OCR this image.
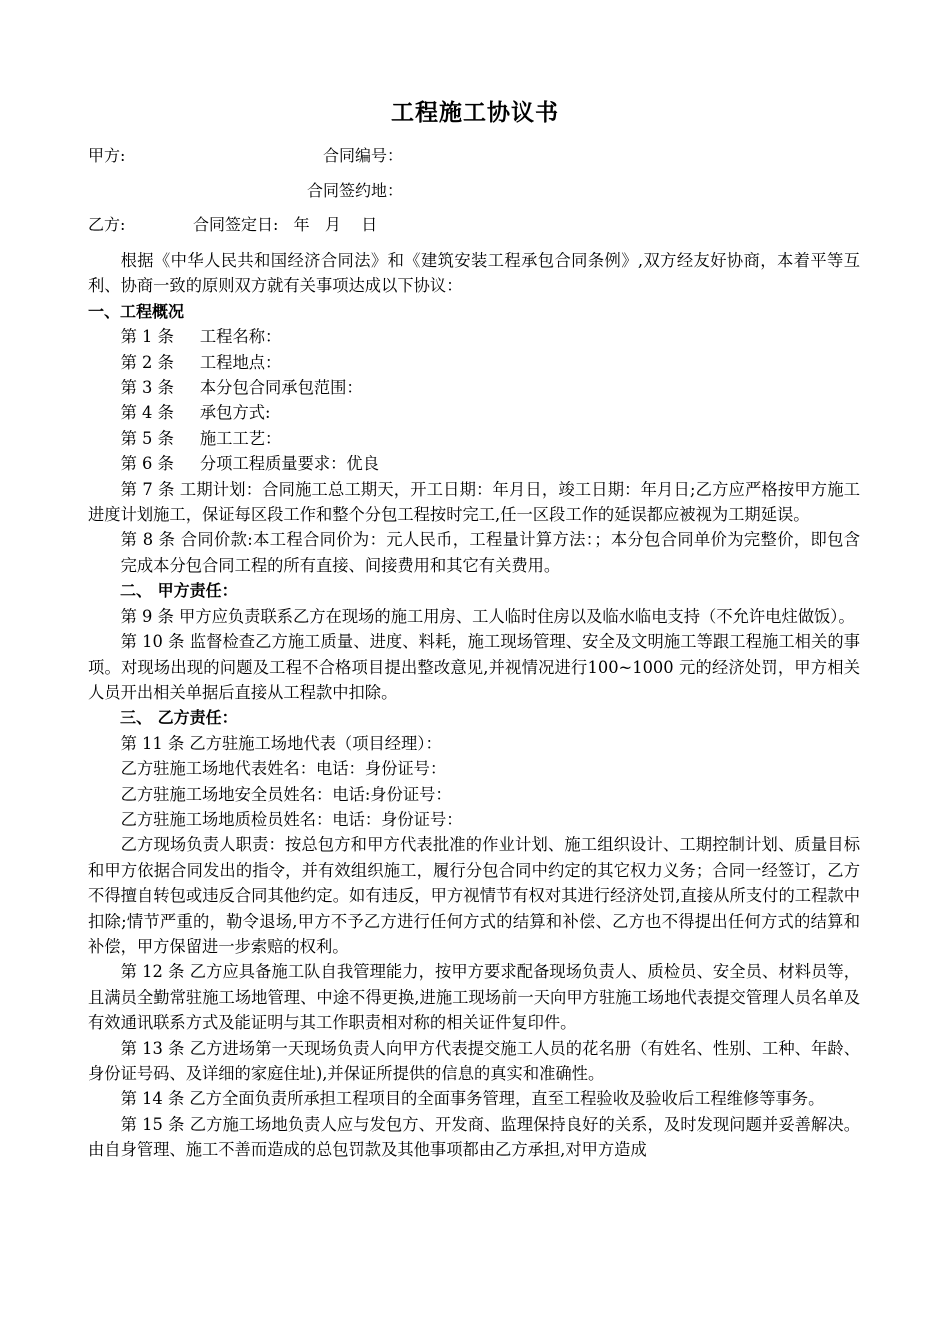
工程施工协议书
甲方:	合同编号：
合同签约地：
乙方:	合同签定日:   年   月    日

根据《中华人民共和国经济合同法》和《建筑安装工程承包合同条例》,双方经友好协商，本着平等互利、协商一致的原则双方就有关事项达成以下协议：

一、工程概况

第 1 条 工程名称：

第 2 条 工程地点：

第 3 条 本分包合同承包范围：

第 4 条 承包方式:

第 5 条 施工工艺：

第 6 条 分项工程质量要求：优良

第 7 条 工期计划：合同施工总工期天，开工日期：年月日，竣工日期：年月日;乙方应严格按甲方施工进度计划施工，保证每区段工作和整个分包工程按时完工,任一区段工作的延误都应被视为工期延误。

第 8 条 合同价款:本工程合同价为：元人民币，工程量计算方法：；本分包合同单价为完整价，即包含完成本分包合同工程的所有直接、间接费用和其它有关费用。

二、 甲方责任：

第 9 条 甲方应负责联系乙方在现场的施工用房、工人临时住房以及临水临电支持（不允许电炷做饭）。

第 10 条 监督检查乙方施工质量、进度、料耗，施工现场管理、安全及文明施工等跟工程施工相关的事项。对现场出现的问题及工程不合格项目提出整改意见,并视情况进行100~1000 元的经济处罚，甲方相关人员开出相关单据后直接从工程款中扣除。

三、 乙方责任：

第 11 条 乙方驻施工场地代表（项目经理）：

乙方驻施工场地代表姓名：电话：身份证号：

乙方驻施工场地安全员姓名：电话:身份证号：

乙方驻施工场地质检员姓名：电话：身份证号：

乙方现场负责人职责：按总包方和甲方代表批准的作业计划、施工组织设计、工期控制计划、质量目标和甲方依据合同发出的指令，并有效组织施工，履行分包合同中约定的其它权力义务；合同一经签订，乙方不得擅自转包或违反合同其他约定。如有违反，甲方视情节有权对其进行经济处罚,直接从所支付的工程款中扣除;情节严重的，勒令退场,甲方不予乙方进行任何方式的结算和补偿、乙方也不得提出任何方式的结算和补偿，甲方保留进一步索赔的权利。

第 12 条 乙方应具备施工队自我管理能力，按甲方要求配备现场负责人、质检员、安全员、材料员等，且满员全勤常驻施工场地管理、中途不得更换,进施工现场前一天向甲方驻施工场地代表提交管理人员名单及有效通讯联系方式及能证明与其工作职责相对称的相关证件复印件。

第 13 条 乙方进场第一天现场负责人向甲方代表提交施工人员的花名册（有姓名、性别、工种、年龄、身份证号码、及详细的家庭住址),并保证所提供的信息的真实和准确性。

第 14 条 乙方全面负责所承担工程项目的全面事务管理，直至工程验收及验收后工程维修等事务。

第 15 条 乙方施工场地负责人应与发包方、开发商、监理保持良好的关系，及时发现问题并妥善解决。由自身管理、施工不善而造成的总包罚款及其他事项都由乙方承担,对甲方造成
